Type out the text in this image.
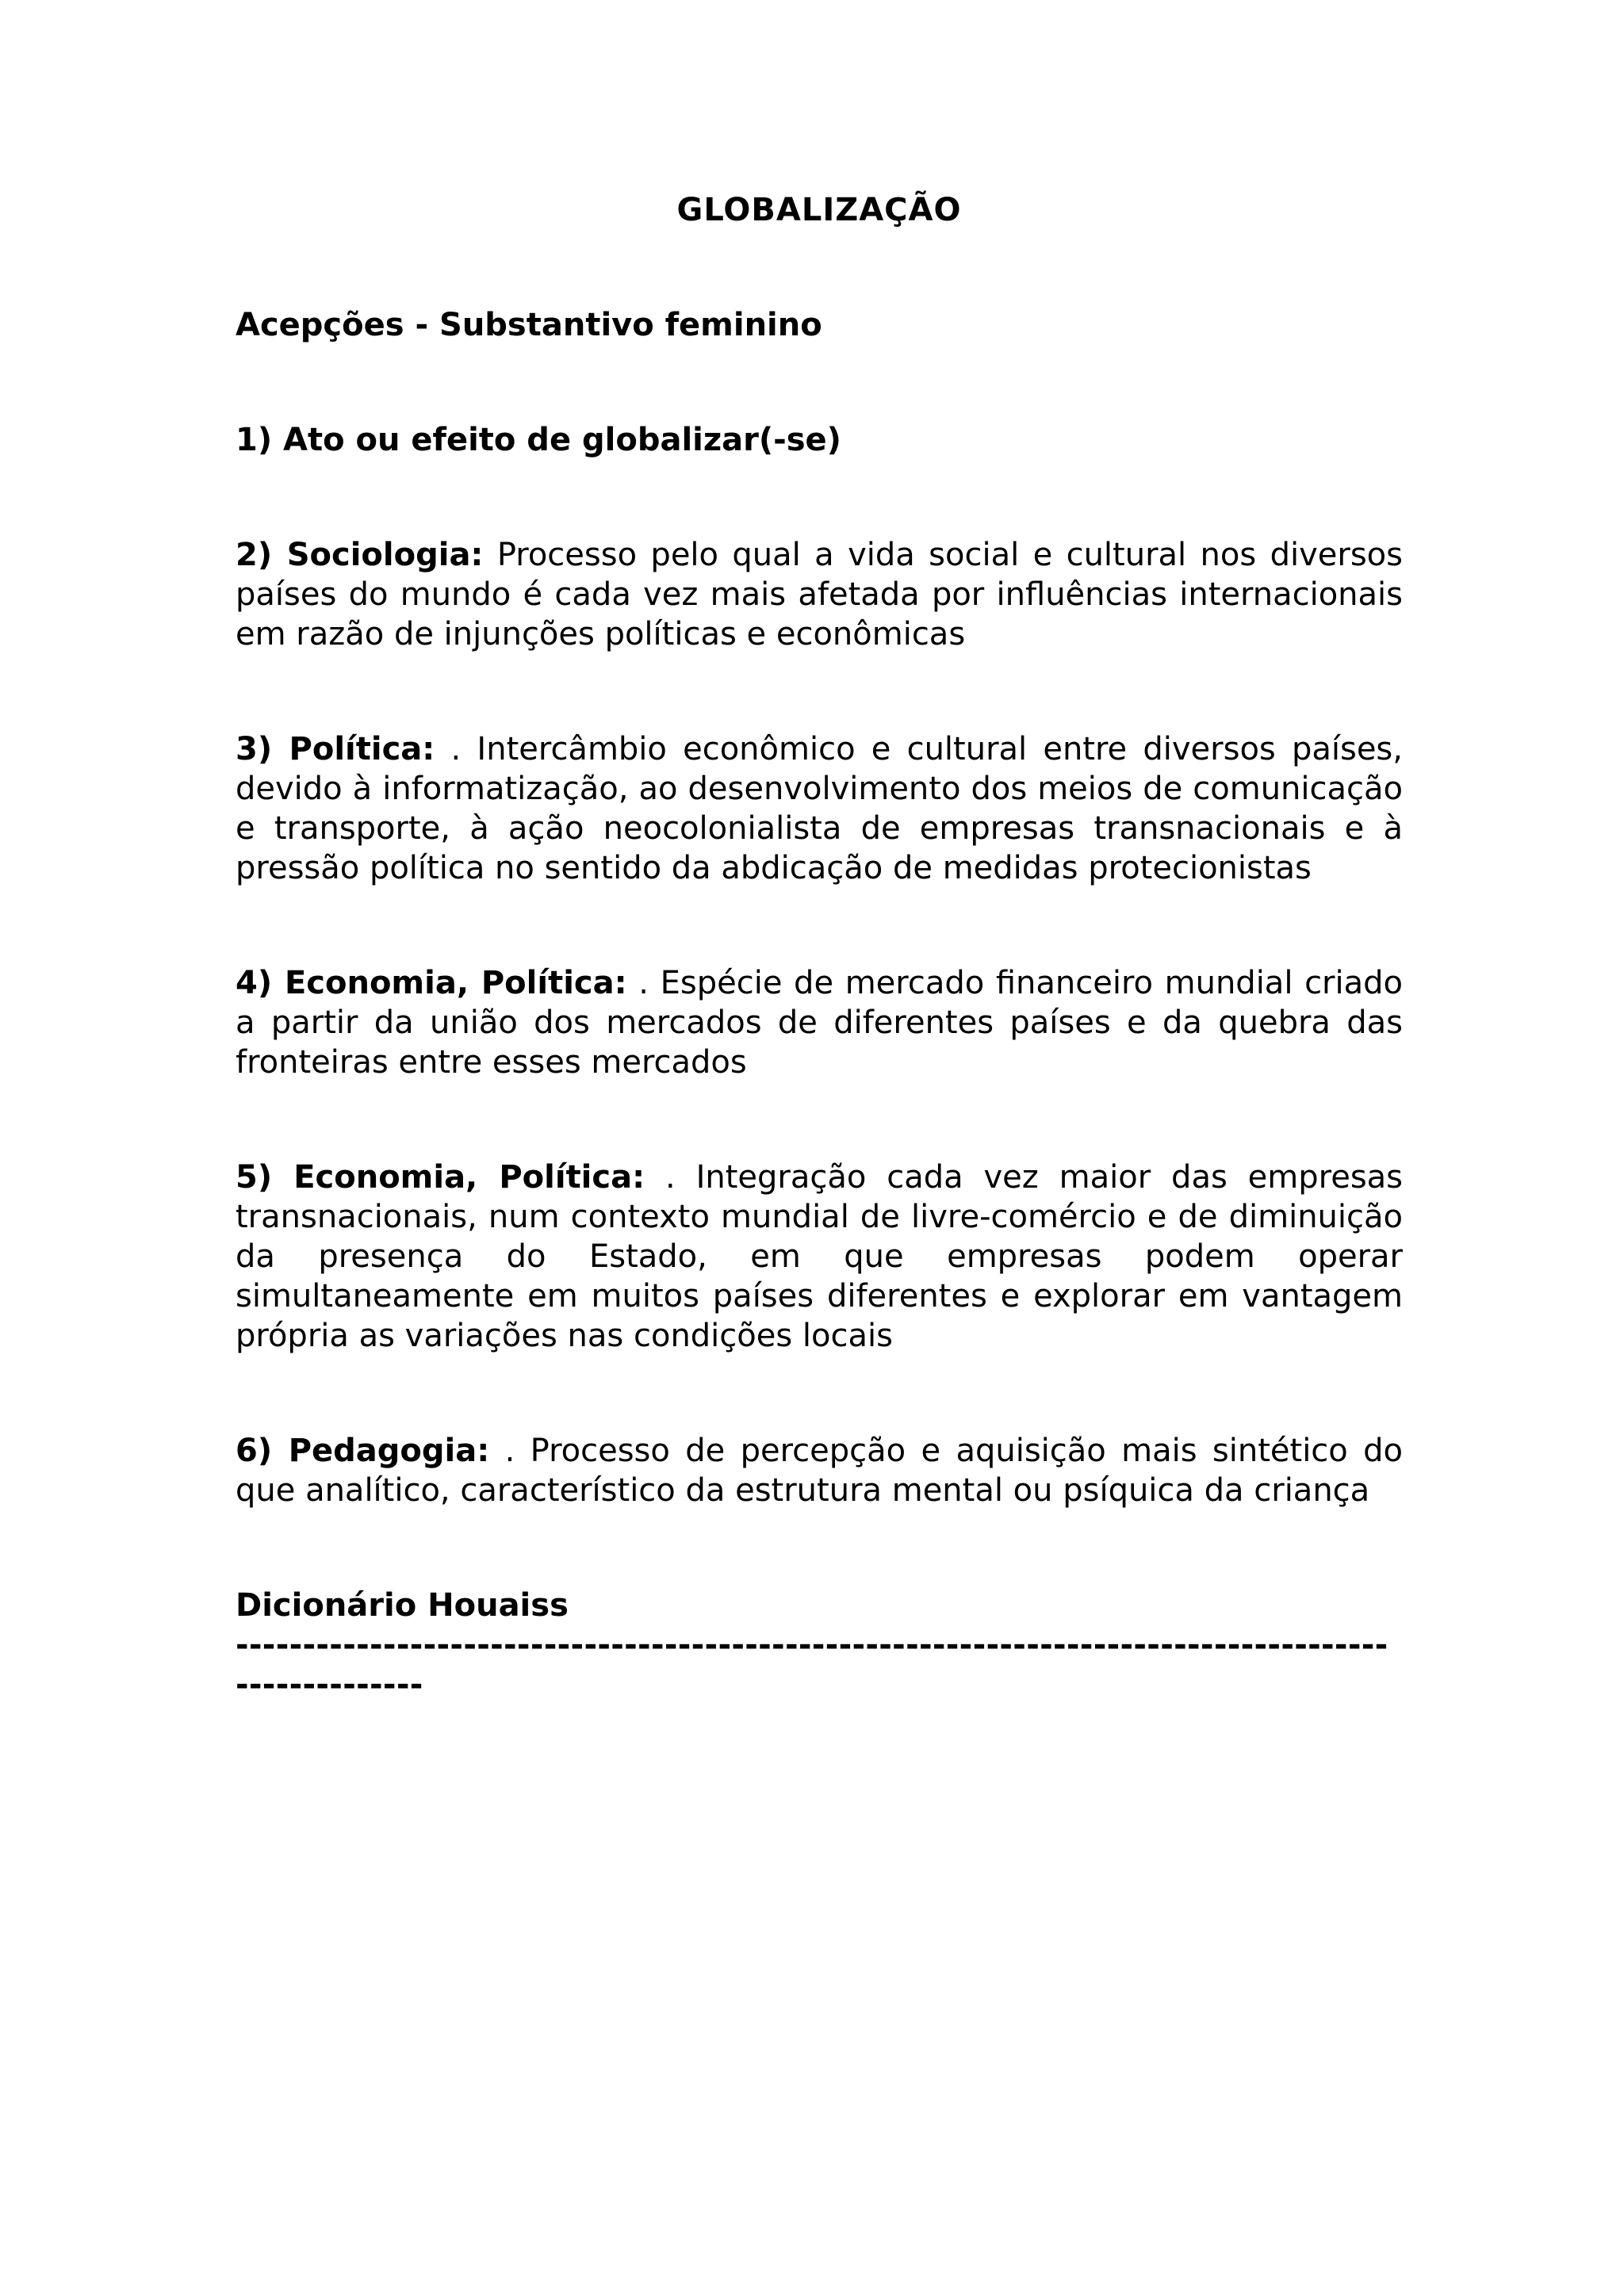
GLOBALIZAÇÃO
Acepções - Substantivo feminino
1) Ato ou efeito de globalizar(-se)
2) Sociologia: Processo pelo qual a vida social e cultural nos diversos países do mundo é cada vez mais afetada por influências internacionais em razão de injunções políticas e econômicas
3) Política: . Intercâmbio econômico e cultural entre diversos países, devido à informatização, ao desenvolvimento dos meios de comunicação e transporte, à ação neocolonialista de empresas transnacionais e à pressão política no sentido da abdicação de medidas protecionistas
4) Economia, Política: . Espécie de mercado financeiro mundial criado a partir da união dos mercados de diferentes países e da quebra das fronteiras entre esses mercados
5) Economia, Política: . Integração cada vez maior das empresas transnacionais, num contexto mundial de livre-comércio e de diminuição da presença do Estado, em que empresas podem operar simultaneamente em muitos países diferentes e explorar em vantagem própria as variações nas condições locais
6) Pedagogia: . Processo de percepção e aquisição mais sintético do que analítico, característico da estrutura mental ou psíquica da criança
Dicionário Houaiss
----------------------------------------------------------------------------------------------------
